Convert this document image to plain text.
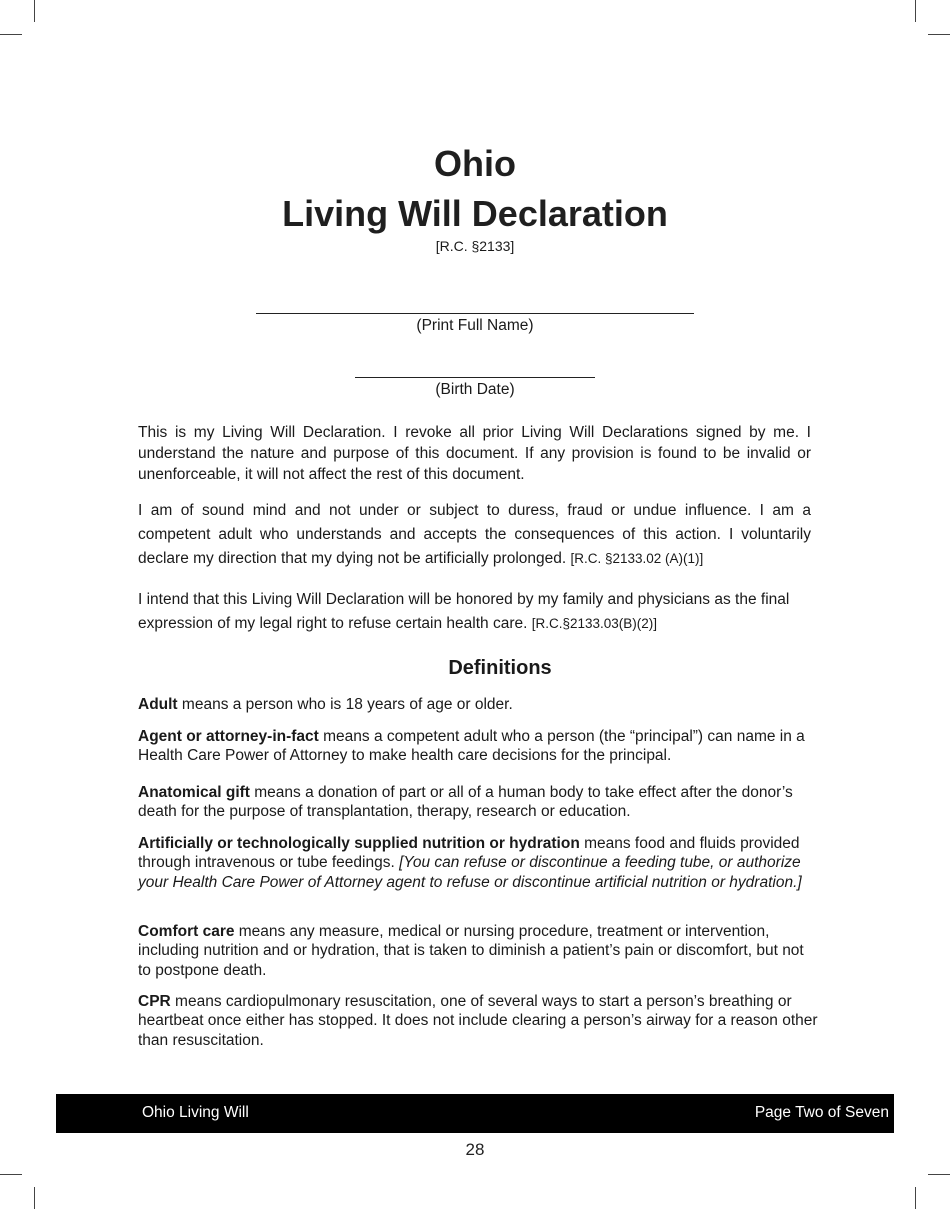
Ohio
Living Will Declaration
[R.C. §2133]
(Print Full Name)
(Birth Date)

This is my Living Will Declaration. I revoke all prior Living Will Declarations signed by me. I understand the nature and purpose of this document. If any provision is found to be invalid or unenforceable, it will not affect the rest of this document.

I am of sound mind and not under or subject to duress, fraud or undue influence. I am a competent adult who understands and accepts the consequences of this action. I voluntarily declare my direction that my dying not be artificially prolonged. [R.C. §2133.02 (A)(1)]

I intend that this Living Will Declaration will be honored by my family and physicians as the final expression of my legal right to refuse certain health care. [R.C.§2133.03(B)(2)]

Definitions

Adult means a person who is 18 years of age or older.

Agent or attorney-in-fact means a competent adult who a person (the “principal”) can name in a Health Care Power of Attorney to make health care decisions for the principal.

Anatomical gift means a donation of part or all of a human body to take effect after the donor’s death for the purpose of transplantation, therapy, research or education.

Artificially or technologically supplied nutrition or hydration means food and fluids provided through intravenous or tube feedings. [You can refuse or discontinue a feeding tube, or authorize your Health Care Power of Attorney agent to refuse or discontinue artificial nutrition or hydration.]

Comfort care means any measure, medical or nursing procedure, treatment or intervention, including nutrition and or hydration, that is taken to diminish a patient’s pain or discomfort, but not to postpone death.

CPR means cardiopulmonary resuscitation, one of several ways to start a person’s breathing or heartbeat once either has stopped. It does not include clearing a person’s airway for a reason other than resuscitation.

Ohio Living Will	Page Two of Seven
28
